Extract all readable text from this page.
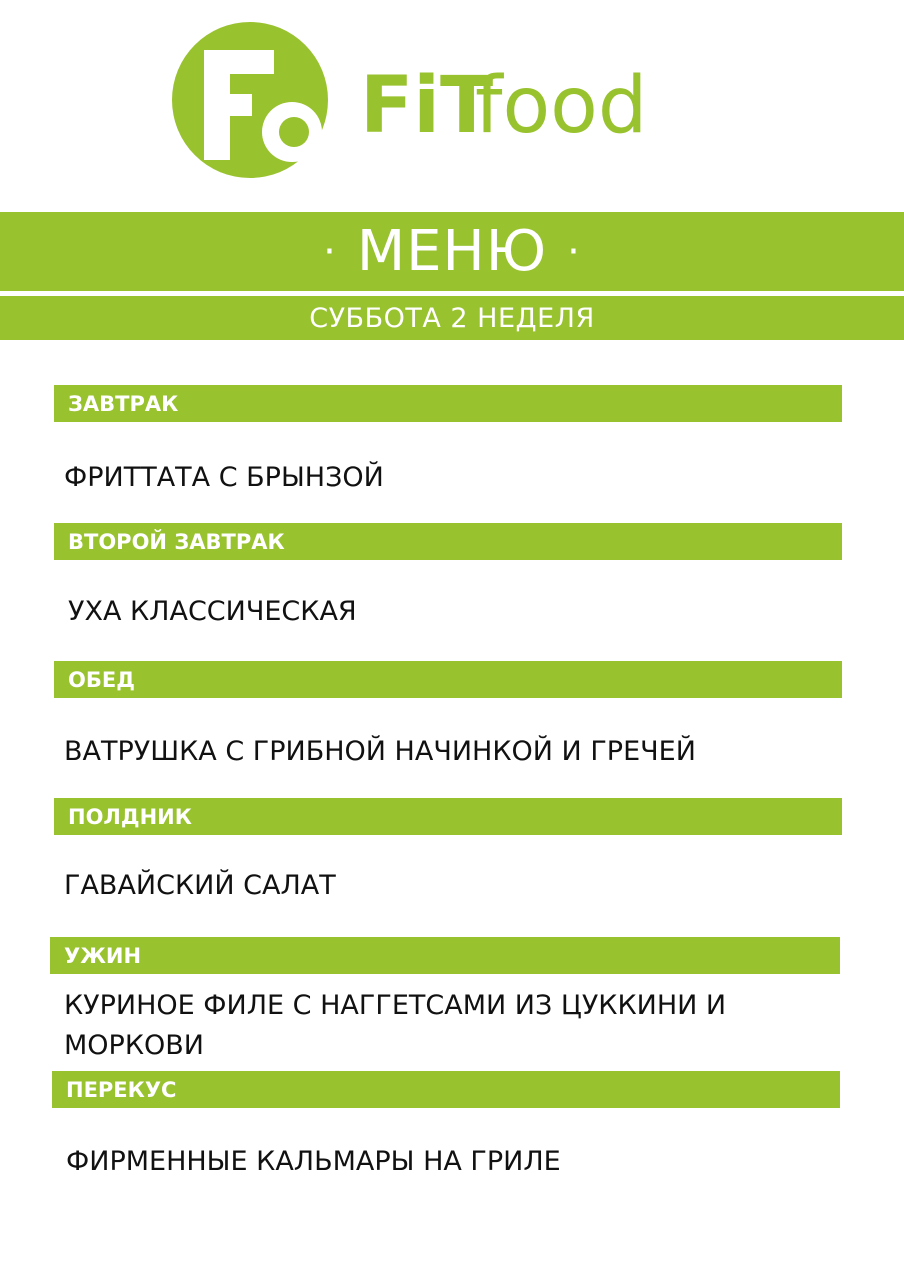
FiT
food
· МЕНЮ ·
СУББОТА 2 НЕДЕЛЯ
ЗАВТРАК
ФРИТТАТА С БРЫНЗОЙ
ВТОРОЙ ЗАВТРАК
УХА КЛАССИЧЕСКАЯ
ОБЕД
ВАТРУШКА С ГРИБНОЙ НАЧИНКОЙ И ГРЕЧЕЙ
ПОЛДНИК
ГАВАЙСКИЙ САЛАТ
УЖИН
КУРИНОЕ ФИЛЕ С НАГГЕТСАМИ ИЗ ЦУККИНИ И МОРКОВИ
ПЕРЕКУС
ФИРМЕННЫЕ КАЛЬМАРЫ НА ГРИЛЕ
